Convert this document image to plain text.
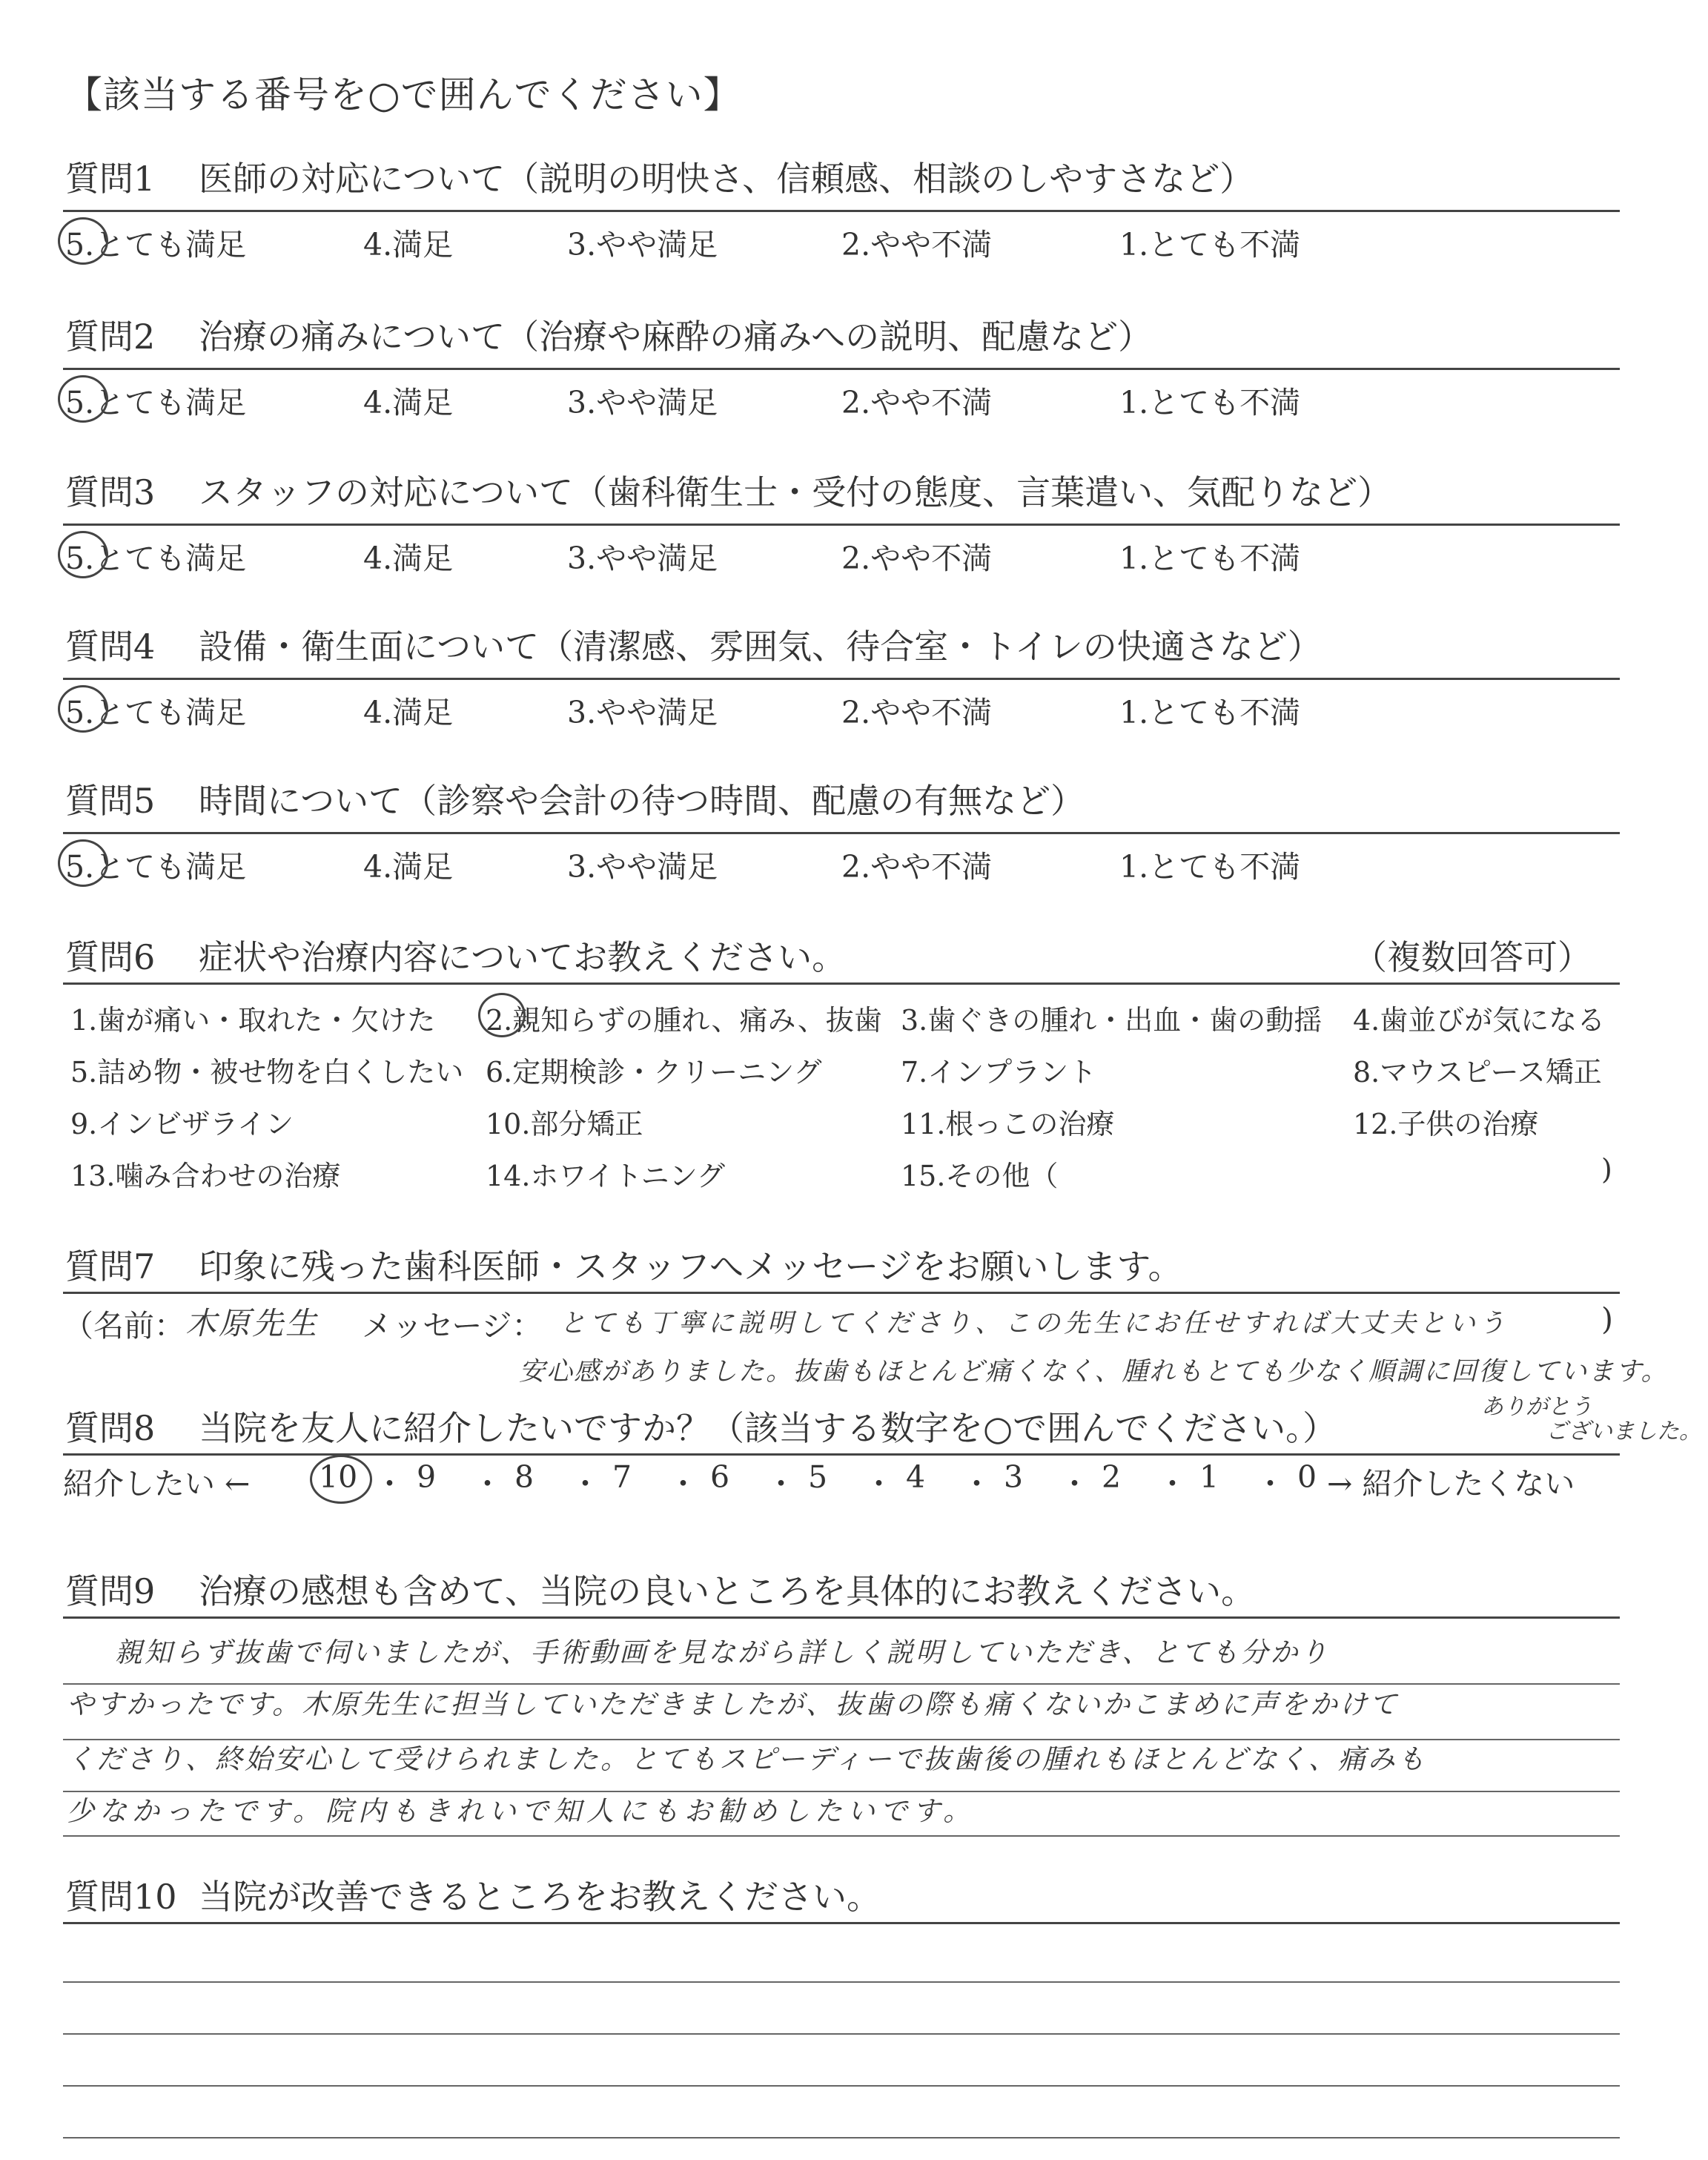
【該当する番号を○で囲んでください】
質問1 医師の対応について（説明の明快さ、信頼感、相談のしやすさなど）
5.とても満足	4.満足	3.やや満足	2.やや不満	1.とても不満
質問2 治療の痛みについて（治療や麻酔の痛みへの説明、配慮など）
5.とても満足	4.満足	3.やや満足	2.やや不満	1.とても不満
質問3 スタッフの対応について（歯科衛生士・受付の態度、言葉遣い、気配りなど）
5.とても満足	4.満足	3.やや満足	2.やや不満	1.とても不満
質問4 設備・衛生面について（清潔感、雰囲気、待合室・トイレの快適さなど）
5.とても満足	4.満足	3.やや満足	2.やや不満	1.とても不満
質問5 時間について（診察や会計の待つ時間、配慮の有無など）
5.とても満足	4.満足	3.やや満足	2.やや不満	1.とても不満
質問6 症状や治療内容についてお教えください。	（複数回答可）
1.歯が痛い・取れた・欠けた 2.親知らずの腫れ、痛み、抜歯 3.歯ぐきの腫れ・出血・歯の動揺 4.歯並びが気になる
5.詰め物・被せ物を白くしたい 6.定期検診・クリーニング	7.インプラント	8.マウスピース矯正
9.インビザライン	10.部分矯正	11.根っこの治療	12.子供の治療
13.噛み合わせの治療	14.ホワイトニング	15.その他（	)
質問7 印象に残った歯科医師・スタッフへメッセージをお願いします。
（名前： 木原先生 メッセージ： とても丁寧に説明してくださり、この先生にお任せすれば大丈夫という	)
安心感がありました。抜歯もほとんど痛くなく、腫れもとても少なく順調に回復しています。
ありがとう
ございました。
質問8 当院を友人に紹介したいですか？（該当する数字を○で囲んでください。）
紹介したい ← 10 ・ 9 ・ 8 ・ 7 ・ 6 ・ 5 ・ 4 ・ 3 ・ 2 ・ 1 ・ 0 → 紹介したくない
質問9 治療の感想も含めて、当院の良いところを具体的にお教えください。
親知らず抜歯で伺いましたが、手術動画を見ながら詳しく説明していただき、とても分かり
やすかったです。木原先生に担当していただきましたが、抜歯の際も痛くないかこまめに声をかけて
くださり、終始安心して受けられました。とてもスピーディーで抜歯後の腫れもほとんどなく、痛みも
少なかったです。院内もきれいで知人にもお勧めしたいです。
質問10 当院が改善できるところをお教えください。
